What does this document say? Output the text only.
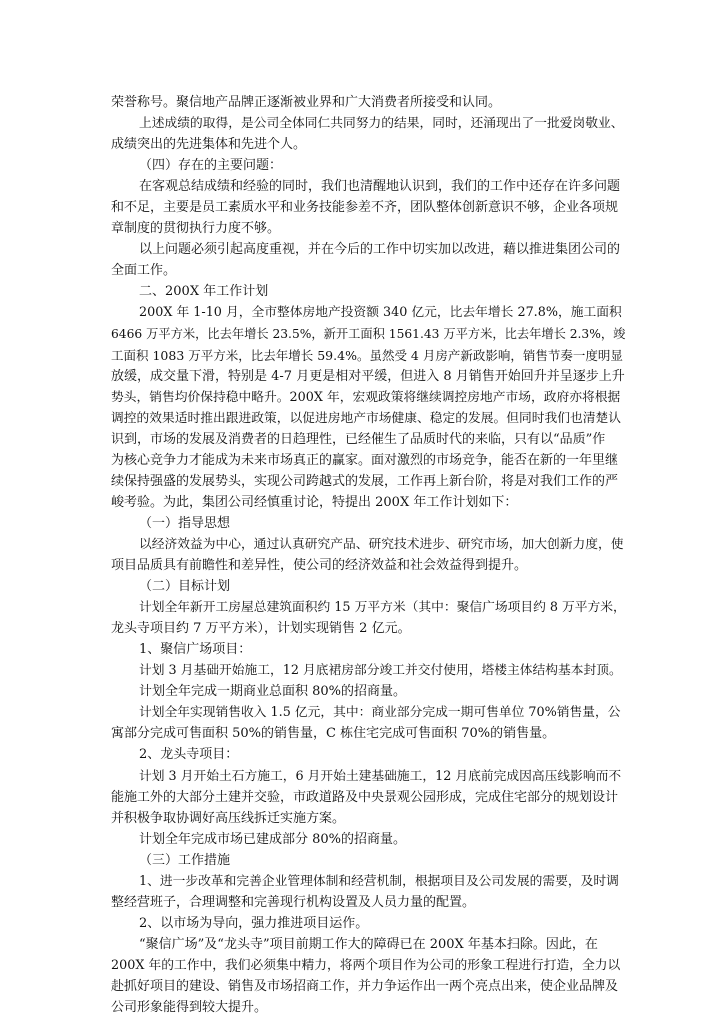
荣誉称号。聚信地产品牌正逐渐被业界和广大消费者所接受和认同。

上述成绩的取得，是公司全体同仁共同努力的结果，同时，还涌现出了一批爱岗敬业、

成绩突出的先进集体和先进个人。

（四）存在的主要问题：

在客观总结成绩和经验的同时，我们也清醒地认识到，我们的工作中还存在许多问题

和不足，主要是员工素质水平和业务技能参差不齐，团队整体创新意识不够，企业各项规

章制度的贯彻执行力度不够。

以上问题必须引起高度重视，并在今后的工作中切实加以改进，藉以推进集团公司的

全面工作。

二、200X 年工作计划

200X 年 1-10 月，全市整体房地产投资额 340 亿元，比去年增长 27.8%，施工面积

6466 万平方米，比去年增长 23.5%，新开工面积 1561.43 万平方米，比去年增长 2.3%，竣

工面积 1083 万平方米，比去年增长 59.4%。虽然受 4 月房产新政影响，销售节奏一度明显

放缓，成交量下滑，特别是 4-7 月更是相对平缓，但进入 8 月销售开始回升并呈逐步上升

势头，销售均价保持稳中略升。200X 年，宏观政策将继续调控房地产市场，政府亦将根据

调控的效果适时推出跟进政策，以促进房地产市场健康、稳定的发展。但同时我们也清楚认

识到，市场的发展及消费者的日趋理性，已经催生了品质时代的来临，只有以“品质”作

为核心竞争力才能成为未来市场真正的赢家。面对激烈的市场竞争，能否在新的一年里继

续保持强盛的发展势头，实现公司跨越式的发展，工作再上新台阶，将是对我们工作的严

峻考验。为此，集团公司经慎重讨论，特提出 200X 年工作计划如下：

（一）指导思想

以经济效益为中心，通过认真研究产品、研究技术进步、研究市场，加大创新力度，使

项目品质具有前瞻性和差异性，使公司的经济效益和社会效益得到提升。

（二）目标计划

计划全年新开工房屋总建筑面积约 15 万平方米（其中：聚信广场项目约 8 万平方米，

龙头寺项目约 7 万平方米），计划实现销售 2 亿元。

1、聚信广场项目：

计划 3 月基础开始施工，12 月底裙房部分竣工并交付使用，塔楼主体结构基本封顶。

计划全年完成一期商业总面积 80%的招商量。

计划全年实现销售收入 1.5 亿元，其中：商业部分完成一期可售单位 70%销售量，公

寓部分完成可售面积 50%的销售量，C 栋住宅完成可售面积 70%的销售量。

2、龙头寺项目：

计划 3 月开始土石方施工，6 月开始土建基础施工，12 月底前完成因高压线影响而不

能施工外的大部分土建并交验，市政道路及中央景观公园形成，完成住宅部分的规划设计

并积极争取协调好高压线拆迁实施方案。

计划全年完成市场已建成部分 80%的招商量。

（三）工作措施

1、进一步改革和完善企业管理体制和经营机制，根据项目及公司发展的需要，及时调

整经营班子，合理调整和完善现行机构设置及人员力量的配置。

2、以市场为导向，强力推进项目运作。

“聚信广场”及“龙头寺”项目前期工作大的障碍已在 200X 年基本扫除。因此，在

200X 年的工作中，我们必须集中精力，将两个项目作为公司的形象工程进行打造，全力以

赴抓好项目的建设、销售及市场招商工作，并力争运作出一两个亮点出来，使企业品牌及

公司形象能得到较大提升。
